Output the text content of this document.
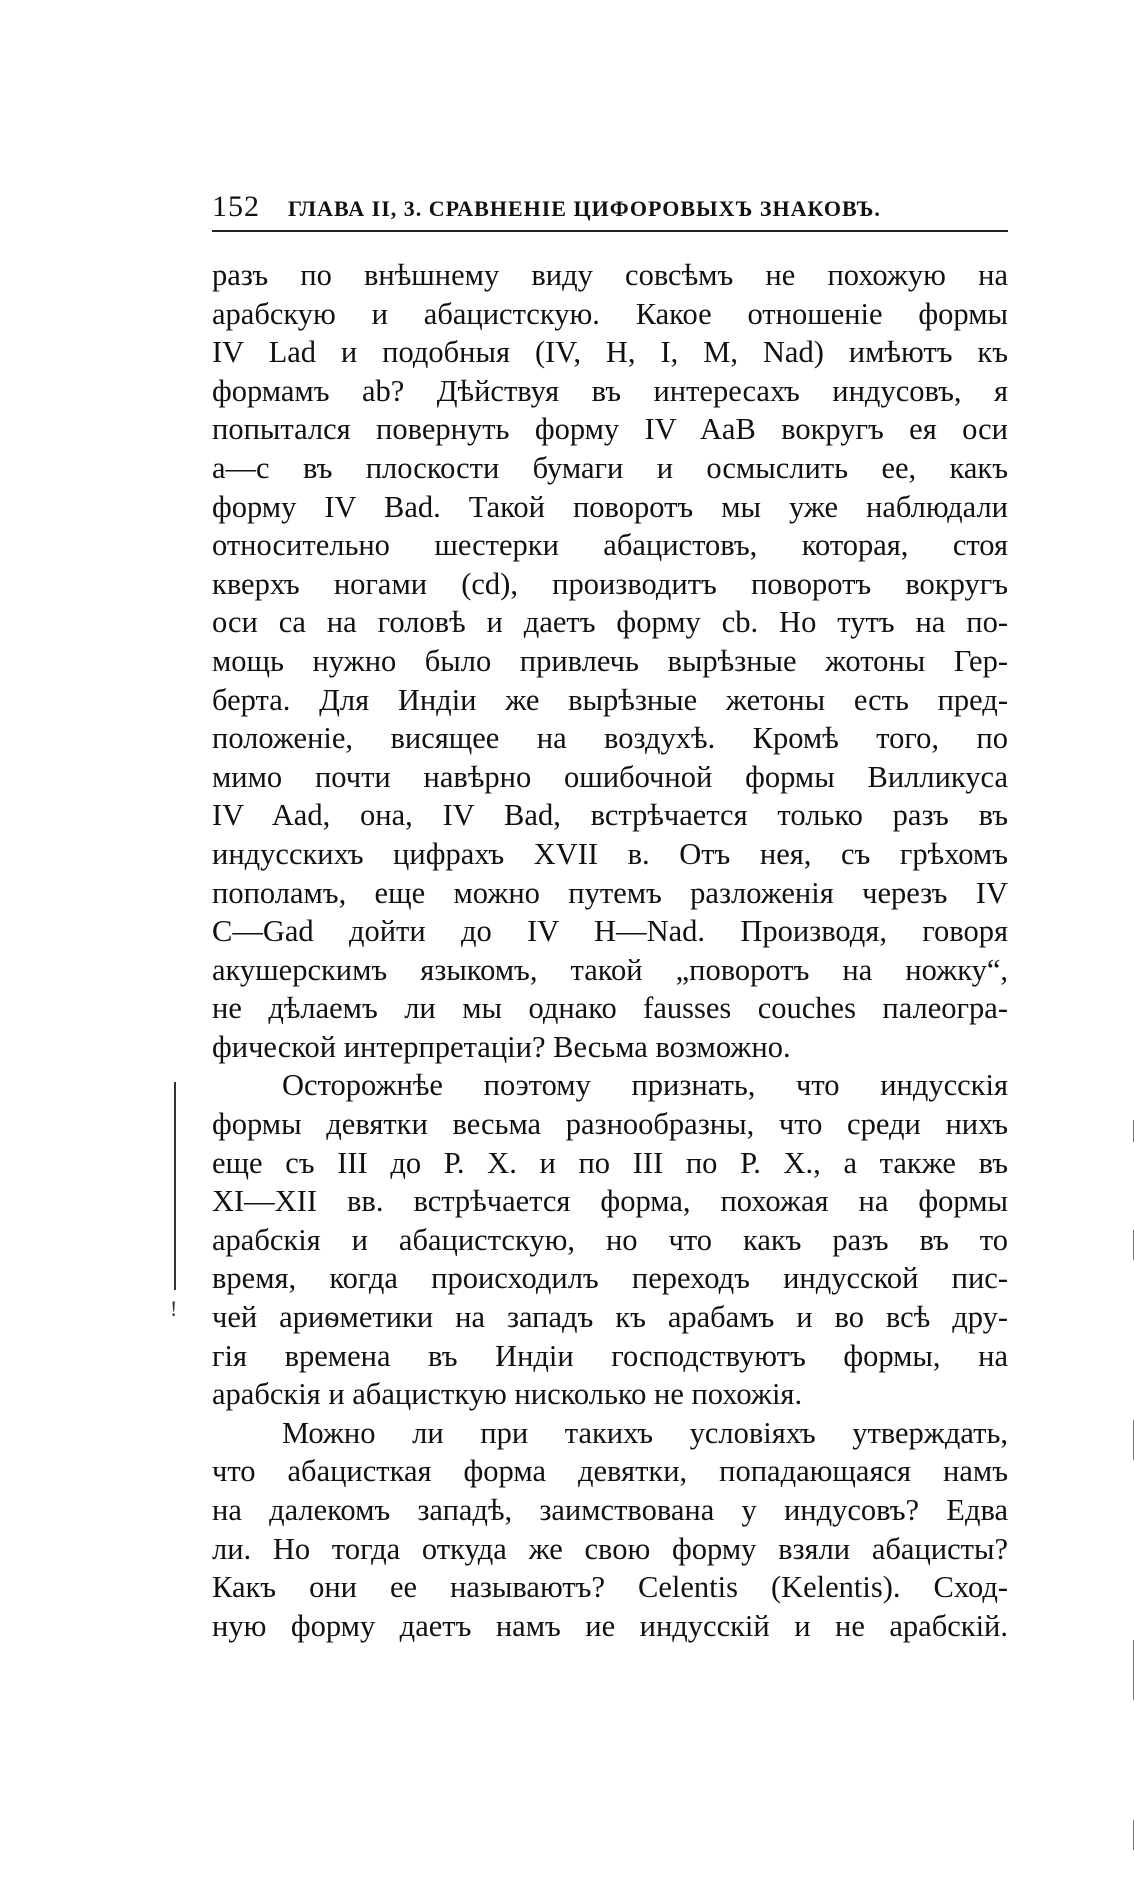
152 ГЛАВА II, 3. СРАВНЕНІЕ ЦИФОРОВЫХЪ ЗНАКОВЪ.
!
разъ по внѣшнему виду совсѣмъ не похожую на
арабскую и абацистскую. Какое отношеніе формы
IV Lad и подобныя (IV, H, I, M, Nad) имѣютъ къ
формамъ ab? Дѣйствуя въ интересахъ индусовъ, я
попытался повернуть форму IV AaB вокругъ ея оси
a—c въ плоскости бумаги и осмыслить ее, какъ
форму IV Bad. Такой поворотъ мы уже наблюдали
относительно шестерки абацистовъ, которая, стоя
кверхъ ногами (cd), производитъ поворотъ вокругъ
оси ca на головѣ и даетъ форму cb. Но тутъ на по-
мощь нужно было привлечь вырѣзные жотоны Гер-
берта. Для Индіи же вырѣзные жетоны есть пред-
положеніе, висящее на воздухѣ. Кромѣ того, по
мимо почти навѣрно ошибочной формы Вилликуса
IV Aad, она, IV Bad, встрѣчается только разъ въ
индусскихъ цифрахъ XVII в. Отъ нея, съ грѣхомъ
пополамъ, еще можно путемъ разложенія черезъ IV
C—Gad дойти до IV H—Nad. Производя, говоря
акушерскимъ языкомъ, такой „поворотъ на ножку“,
не дѣлаемъ ли мы однако fausses couches палеогра-
фической интерпретаціи? Весьма возможно.
Осторожнѣе поэтому признать, что индусскія
формы девятки весьма разнообразны, что среди нихъ
еще съ III до Р. Х. и по III по Р. Х., а также въ
XI—XII вв. встрѣчается форма, похожая на формы
арабскія и абацистскую, но что какъ разъ въ то
время, когда происходилъ переходъ индусской пис-
чей ариѳметики на западъ къ арабамъ и во всѣ дру-
гія времена въ Индіи господствуютъ формы, на
арабскія и абацисткую нисколько не похожія.
Можно ли при такихъ условіяхъ утверждать,
что абацисткая форма девятки, попадающаяся намъ
на далекомъ западѣ, заимствована у индусовъ? Едва
ли. Но тогда откуда же свою форму взяли абацисты?
Какъ они ее называютъ? Celentis (Kelentis). Сход-
ную форму даетъ намъ ие индусскій и не арабскій.
